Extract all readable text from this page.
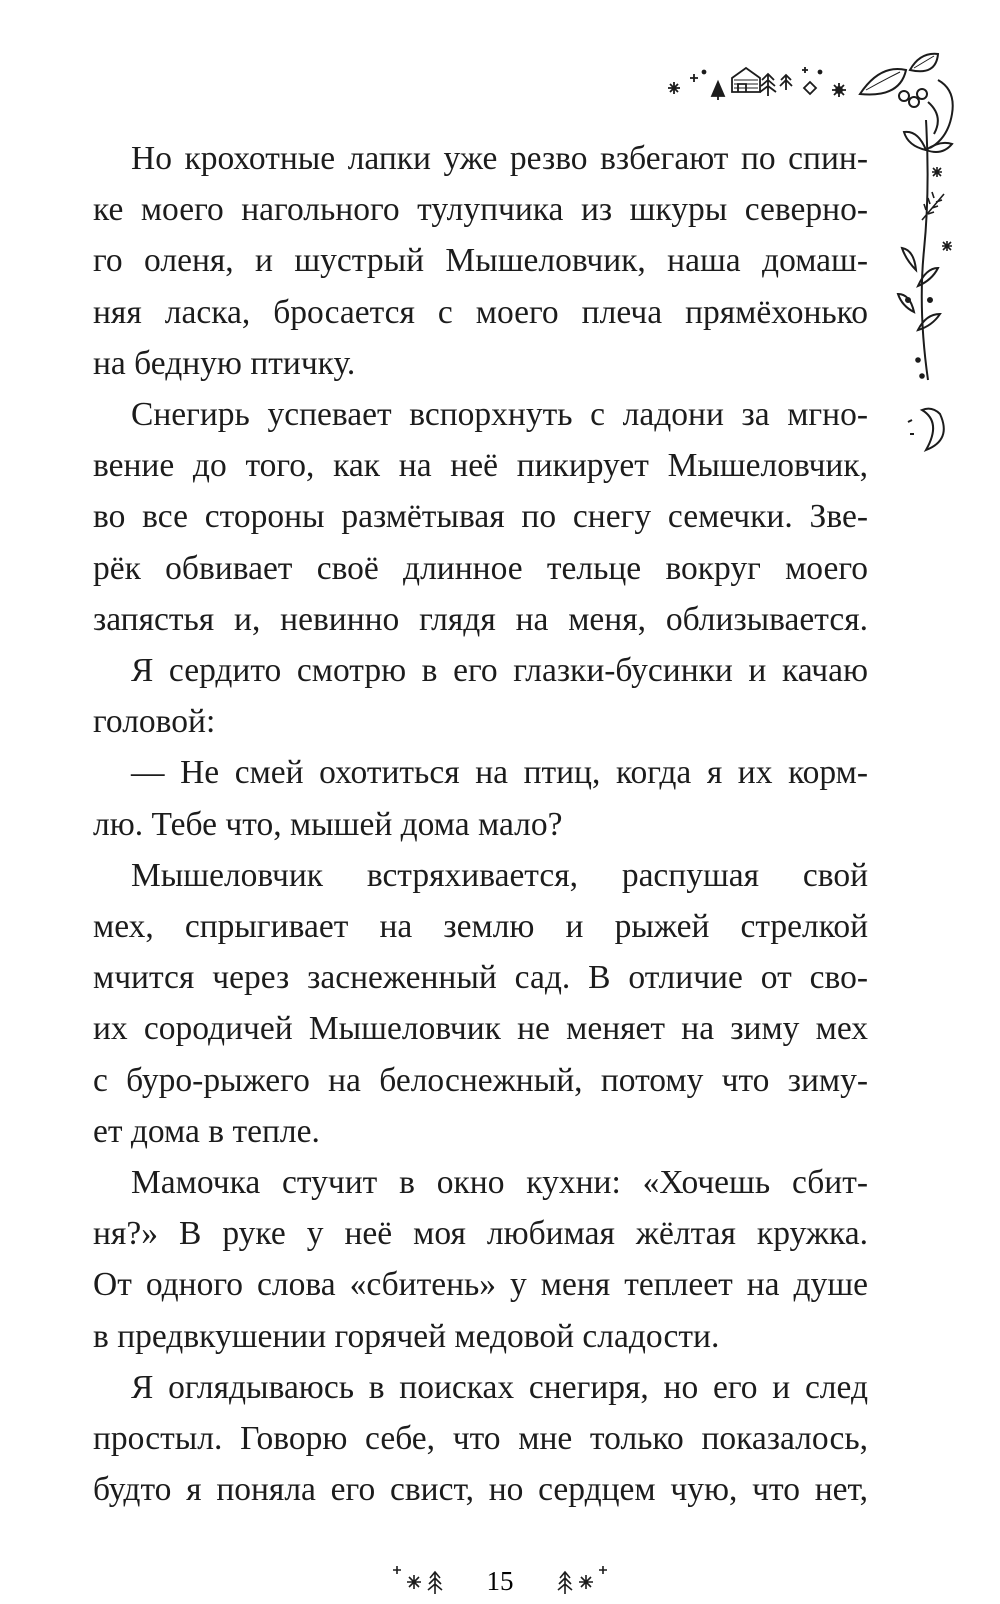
Но крохотные лапки уже резво взбегают по спин-
ке моего нагольного тулупчика из шкуры северно-
го оленя, и шустрый Мышеловчик, наша домаш-
няя ласка, бросается с моего плеча прямёхонько
на бедную птичку.

Снегирь успевает вспорхнуть с ладони за мгно-
вение до того, как на неё пикирует Мышеловчик,
во все стороны размётывая по снегу семечки. Зве-
рёк обвивает своё длинное тельце вокруг моего
запястья и, невинно глядя на меня, облизывается.

Я сердито смотрю в его глазки-бусинки и качаю
головой:

— Не смей охотиться на птиц, когда я их корм-
лю. Тебе что, мышей дома мало?

Мышеловчик встряхивается, распушая свой
мех, спрыгивает на землю и рыжей стрелкой
мчится через заснеженный сад. В отличие от сво-
их сородичей Мышеловчик не меняет на зиму мех
с буро-рыжего на белоснежный, потому что зиму-
ет дома в тепле.

Мамочка стучит в окно кухни: «Хочешь сбит-
ня?» В руке у неё моя любимая жёлтая кружка.
От одного слова «сбитень» у меня теплеет на душе
в предвкушении горячей медовой сладости.

Я оглядываюсь в поисках снегиря, но его и след
простыл. Говорю себе, что мне только показалось,
будто я поняла его свист, но сердцем чую, что нет,

15
